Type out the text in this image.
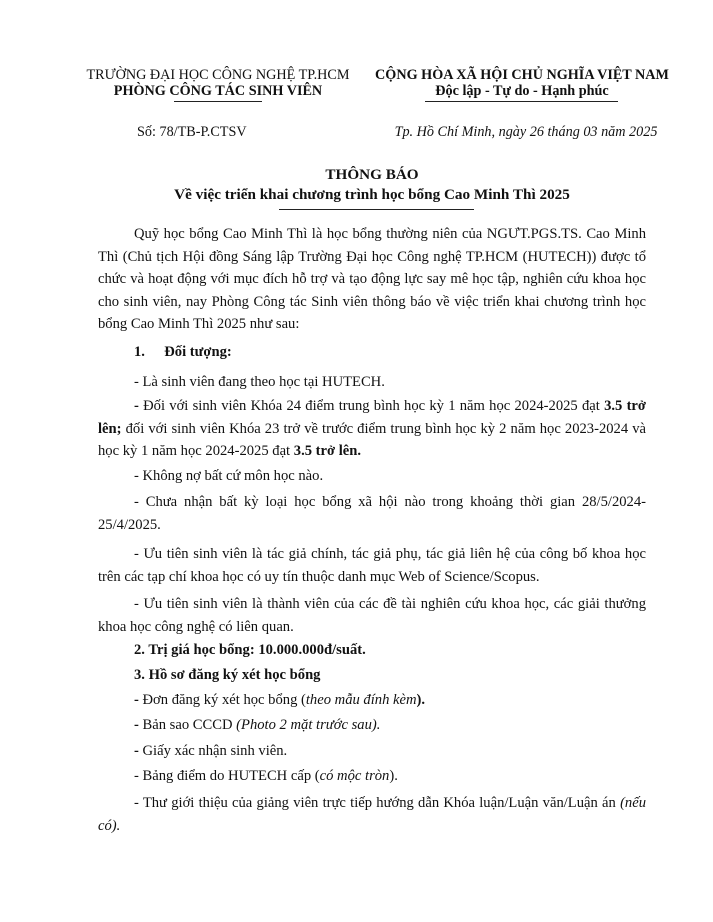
TRƯỜNG ĐẠI HỌC CÔNG NGHỆ TP.HCM
PHÒNG CÔNG TÁC SINH VIÊN
CỘNG HÒA XÃ HỘI CHỦ NGHĨA VIỆT NAM
Độc lập - Tự do - Hạnh phúc
Số: 78/TB-P.CTSV	Tp. Hồ Chí Minh, ngày 26 tháng 03 năm 2025
THÔNG BÁO
Về việc triển khai chương trình học bổng Cao Minh Thì 2025
Quỹ học bổng Cao Minh Thì là học bổng thường niên của NGƯT.PGS.TS. Cao Minh Thì (Chủ tịch Hội đồng Sáng lập Trường Đại học Công nghệ TP.HCM (HUTECH)) được tổ chức và hoạt động với mục đích hỗ trợ và tạo động lực say mê học tập, nghiên cứu khoa học cho sinh viên, nay Phòng Công tác Sinh viên thông báo về việc triển khai chương trình học bổng Cao Minh Thì 2025 như sau:
1. Đối tượng:
- Là sinh viên đang theo học tại HUTECH.
- Đối với sinh viên Khóa 24 điểm trung bình học kỳ 1 năm học 2024-2025 đạt 3.5 trở lên; đối với sinh viên Khóa 23 trở về trước điểm trung bình học kỳ 2 năm học 2023-2024 và học kỳ 1 năm học 2024-2025 đạt 3.5 trở lên.
- Không nợ bất cứ môn học nào.
- Chưa nhận bất kỳ loại học bổng xã hội nào trong khoảng thời gian 28/5/2024-25/4/2025.
- Ưu tiên sinh viên là tác giả chính, tác giả phụ, tác giả liên hệ của công bố khoa học trên các tạp chí khoa học có uy tín thuộc danh mục Web of Science/Scopus.
- Ưu tiên sinh viên là thành viên của các đề tài nghiên cứu khoa học, các giải thưởng khoa học công nghệ có liên quan.
2. Trị giá học bổng: 10.000.000đ/suất.
3. Hồ sơ đăng ký xét học bổng
- Đơn đăng ký xét học bổng (theo mẫu đính kèm).
- Bản sao CCCD (Photo 2 mặt trước sau).
- Giấy xác nhận sinh viên.
- Bảng điểm do HUTECH cấp (có mộc tròn).
- Thư giới thiệu của giảng viên trực tiếp hướng dẫn Khóa luận/Luận văn/Luận án (nếu có).
